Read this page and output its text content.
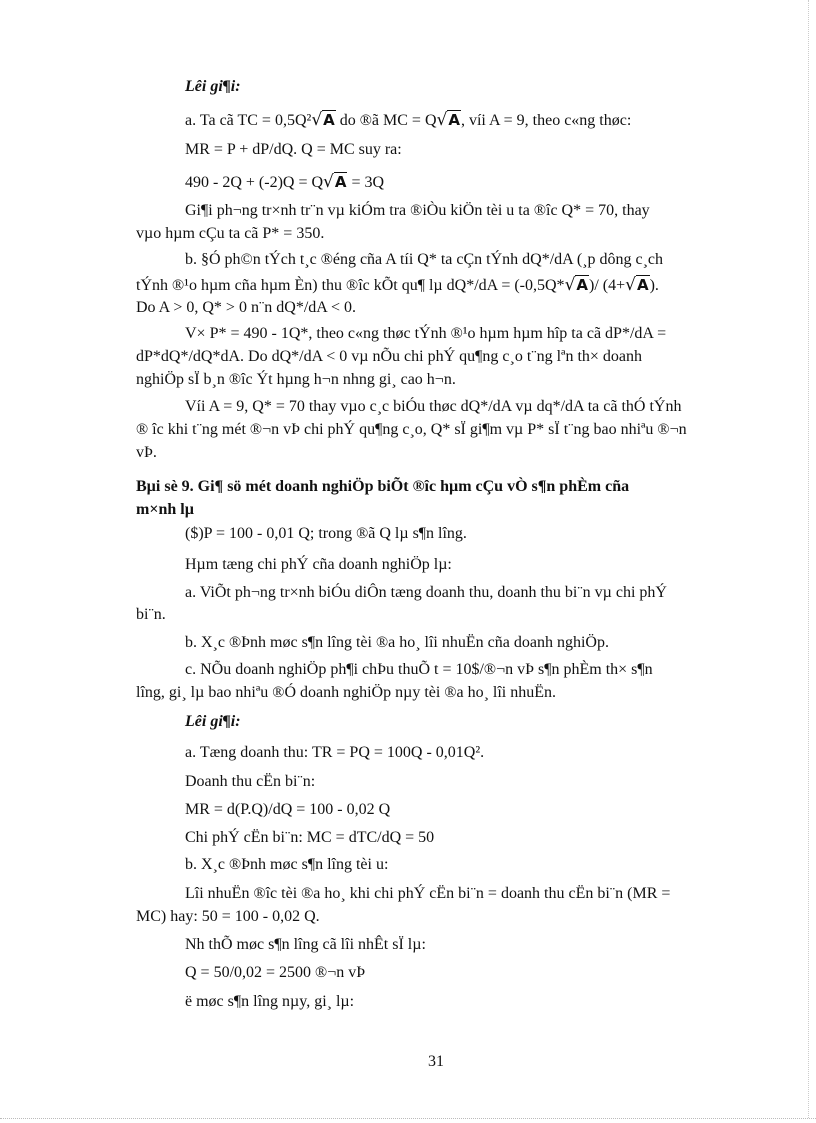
Lêi gi¶i:
a. Ta cã TC = 0,5Q²√A do ®ã MC = Q√A, víi A = 9, theo c«ng thøc:
MR = P + dP/dQ. Q = MC suy ra:
490 - 2Q + (-2)Q = Q√A = 3Q
Gi¶i ph¬ng tr×nh tr¨n vµ kiÓm tra ®iÒu kiÖn tèi u ta ®îc Q* = 70, thay
vµo hµm cÇu ta cã P* = 350.
b. §Ó ph©n tÝch t¸c ®éng cña A tíi Q* ta cÇn tÝnh dQ*/dA (¸p dông c¸ch
tÝnh ®¹o hµm cña hµm Èn) thu ®îc kÕt qu¶ lµ dQ*/dA = (-0,5Q*√A)/ (4+√A).
Do A > 0, Q* > 0 n¨n dQ*/dA < 0.
V× P* = 490 - 1Q*, theo c«ng thøc tÝnh ®¹o hµm hµm hîp ta cã dP*/dA =
dP*dQ*/dQ*dA. Do dQ*/dA < 0 vµ nÕu chi phÝ qu¶ng c¸o t¨ng lªn th× doanh
nghiÖp sÏ b¸n ®îc Ýt hµng h¬n nhng gi¸ cao h¬n.
Víi A = 9, Q* = 70 thay vµo c¸c biÓu thøc dQ*/dA vµ dq*/dA ta cã thÓ tÝnh
® îc khi t¨ng mét ®¬n vÞ chi phÝ qu¶ng c¸o, Q* sÏ gi¶m vµ P* sÏ t¨ng bao nhiªu ®¬n
vÞ.
Bµi sè 9. Gi¶ sö mét doanh nghiÖp biÕt ®îc hµm cÇu vÒ s¶n phÈm cña
m×nh lµ
($)P = 100 - 0,01 Q; trong ®ã Q lµ s¶n lîng.
Hµm tæng chi phÝ cña doanh nghiÖp lµ:
a. ViÕt ph¬ng tr×nh biÓu diÔn tæng doanh thu, doanh thu bi¨n vµ chi phÝ
bi¨n.
b. X¸c ®Þnh møc s¶n lîng tèi ®a ho¸ lîi nhuËn cña doanh nghiÖp.
c. NÕu doanh nghiÖp ph¶i chÞu thuÕ t = 10$/®¬n vÞ s¶n phÈm th× s¶n
lîng, gi¸ lµ bao nhiªu ®Ó doanh nghiÖp nµy tèi ®a ho¸ lîi nhuËn.
Lêi gi¶i:
a. Tæng doanh thu: TR = PQ = 100Q - 0,01Q².
Doanh thu cËn bi¨n:
MR = d(P.Q)/dQ = 100 - 0,02 Q
Chi phÝ cËn bi¨n: MC = dTC/dQ = 50
b. X¸c ®Þnh møc s¶n lîng tèi u:
Lîi nhuËn ®îc tèi ®a ho¸ khi chi phÝ cËn bi¨n = doanh thu cËn bi¨n (MR =
MC) hay: 50 = 100 - 0,02 Q.
Nh thÕ møc s¶n lîng cã lîi nhÊt sÏ lµ:
Q = 50/0,02 = 2500 ®¬n vÞ
ë møc s¶n lîng nµy, gi¸ lµ:
31
